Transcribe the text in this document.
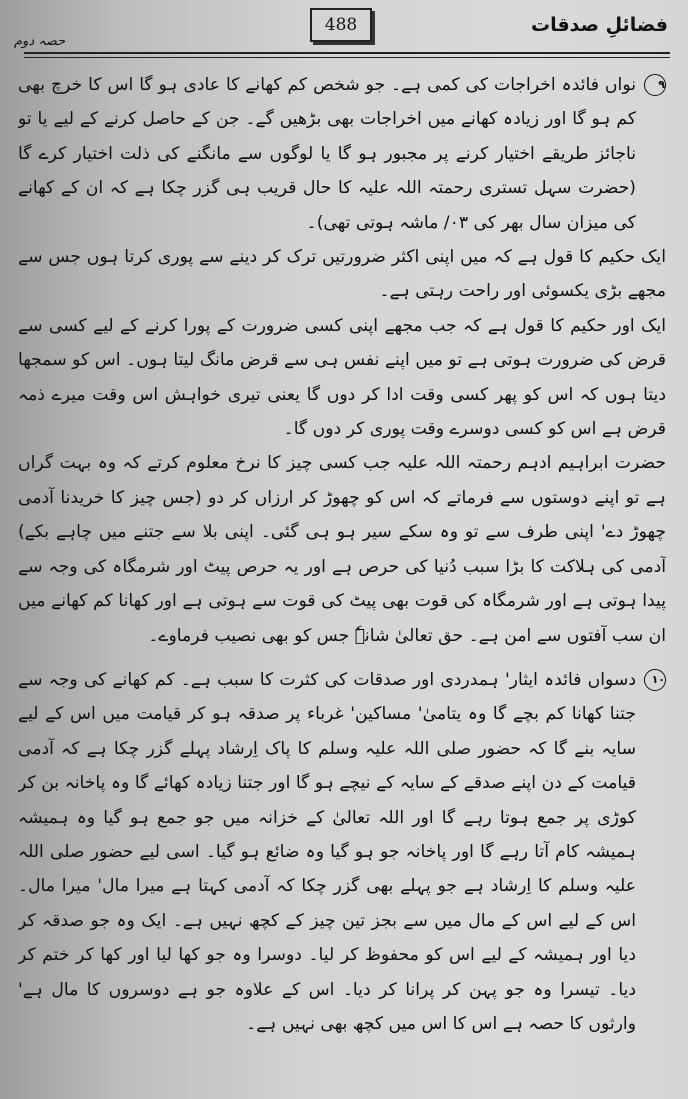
فضائلِ صدقات
488
حصہ دوم

۹
نواں فائدہ اخراجات کی کمی ہے۔ جو شخص کم کھانے کا عادی ہو گا اس کا خرچ بھی کم ہو گا اور زیادہ کھانے میں اخراجات بھی بڑھیں گے۔ جن کے حاصل کرنے کے لیے یا تو ناجائز طریقے اختیار کرنے پر مجبور ہو گا یا لوگوں سے مانگنے کی ذلت اختیار کرے گا (حضرت سہل تستری رحمتہ اللہ علیہ کا حال قریب ہی گزر چکا ہے کہ ان کے کھانے کی میزان سال بھر کی ۰۳/ ماشہ ہوتی تھی)۔

ایک حکیم کا قول ہے کہ میں اپنی اکثر ضرورتیں ترک کر دینے سے پوری کرتا ہوں جس سے مجھے بڑی یکسوئی اور راحت رہتی ہے۔

ایک اور حکیم کا قول ہے کہ جب مجھے اپنی کسی ضرورت کے پورا کرنے کے لیے کسی سے قرض کی ضرورت ہوتی ہے تو میں اپنے نفس ہی سے قرض مانگ لیتا ہوں۔ اس کو سمجھا دیتا ہوں کہ اس کو پھر کسی وقت ادا کر دوں گا یعنی تیری خواہش اس وقت میرے ذمہ قرض ہے اس کو کسی دوسرے وقت پوری کر دوں گا۔

حضرت ابراہیم ادہم رحمتہ اللہ علیہ جب کسی چیز کا نرخ معلوم کرتے کہ وہ بہت گراں ہے تو اپنے دوستوں سے فرماتے کہ اس کو چھوڑ کر ارزاں کر دو (جس چیز کا خریدنا آدمی چھوڑ دے' اپنی طرف سے تو وہ سکے سیر ہو ہی گئی۔ اپنی بلا سے جتنے میں چاہے بکے) آدمی کی ہلاکت کا بڑا سبب دُنیا کی حرص ہے اور یہ حرص پیٹ اور شرمگاہ کی وجہ سے پیدا ہوتی ہے اور شرمگاہ کی قوت بھی پیٹ کی قوت سے ہوتی ہے اور کھانا کم کھانے میں ان سب آفتوں سے امن ہے۔ حق تعالیٰ شانہٗ جس کو بھی نصیب فرماوے۔

۱۰
دسواں فائدہ ایثار' ہمدردی اور صدقات کی کثرت کا سبب ہے۔ کم کھانے کی وجہ سے جتنا کھانا کم بچے گا وہ یتامیٰ' مساکین' غرباء پر صدقہ ہو کر قیامت میں اس کے لیے سایہ بنے گا کہ حضور صلی اللہ علیہ وسلم کا پاک اِرشاد پہلے گزر چکا ہے کہ آدمی قیامت کے دن اپنے صدقے کے سایہ کے نیچے ہو گا اور جتنا زیادہ کھائے گا وہ پاخانہ بن کر کوڑی پر جمع ہوتا رہے گا اور اللہ تعالیٰ کے خزانہ میں جو جمع ہو گیا وہ ہمیشہ ہمیشہ کام آتا رہے گا اور پاخانہ جو ہو گیا وہ ضائع ہو گیا۔ اسی لیے حضور صلی اللہ علیہ وسلم کا اِرشاد ہے جو پہلے بھی گزر چکا کہ آدمی کہتا ہے میرا مال' میرا مال۔ اس کے لیے اس کے مال میں سے بجز تین چیز کے کچھ نہیں ہے۔ ایک وہ جو صدقہ کر دیا اور ہمیشہ کے لیے اس کو محفوظ کر لیا۔ دوسرا وہ جو کھا لیا اور کھا کر ختم کر دیا۔ تیسرا وہ جو پہن کر پرانا کر دیا۔ اس کے علاوہ جو ہے دوسروں کا مال ہے' وارثوں کا حصہ ہے اس کا اس میں کچھ بھی نہیں ہے۔
